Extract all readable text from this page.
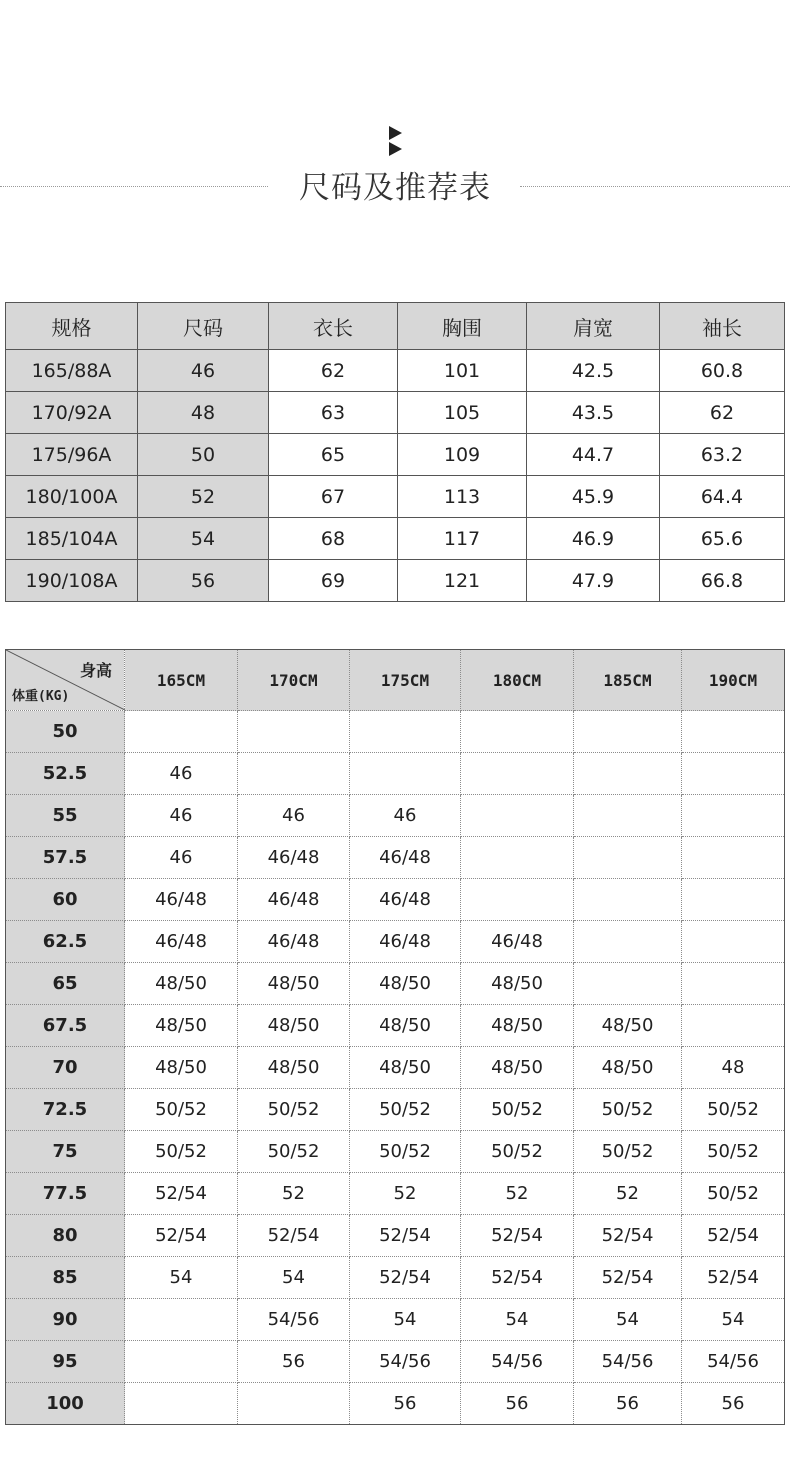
尺码及推荐表
规格	尺码	衣长	胸围	肩宽	袖长
165/88A	46	62	101	42.5	60.8
170/92A	48	63	105	43.5	62
175/96A	50	65	109	44.7	63.2
180/100A	52	67	113	45.9	64.4
185/104A	54	68	117	46.9	65.6
190/108A	56	69	121	47.9	66.8
身高
体重(KG)	165CM	170CM	175CM	180CM	185CM	190CM
50						
52.5	46					
55	46	46	46			
57.5	46	46/48	46/48			
60	46/48	46/48	46/48			
62.5	46/48	46/48	46/48	46/48		
65	48/50	48/50	48/50	48/50		
67.5	48/50	48/50	48/50	48/50	48/50	
70	48/50	48/50	48/50	48/50	48/50	48
72.5	50/52	50/52	50/52	50/52	50/52	50/52
75	50/52	50/52	50/52	50/52	50/52	50/52
77.5	52/54	52	52	52	52	50/52
80	52/54	52/54	52/54	52/54	52/54	52/54
85	54	54	52/54	52/54	52/54	52/54
90		54/56	54	54	54	54
95		56	54/56	54/56	54/56	54/56
100			56	56	56	56
